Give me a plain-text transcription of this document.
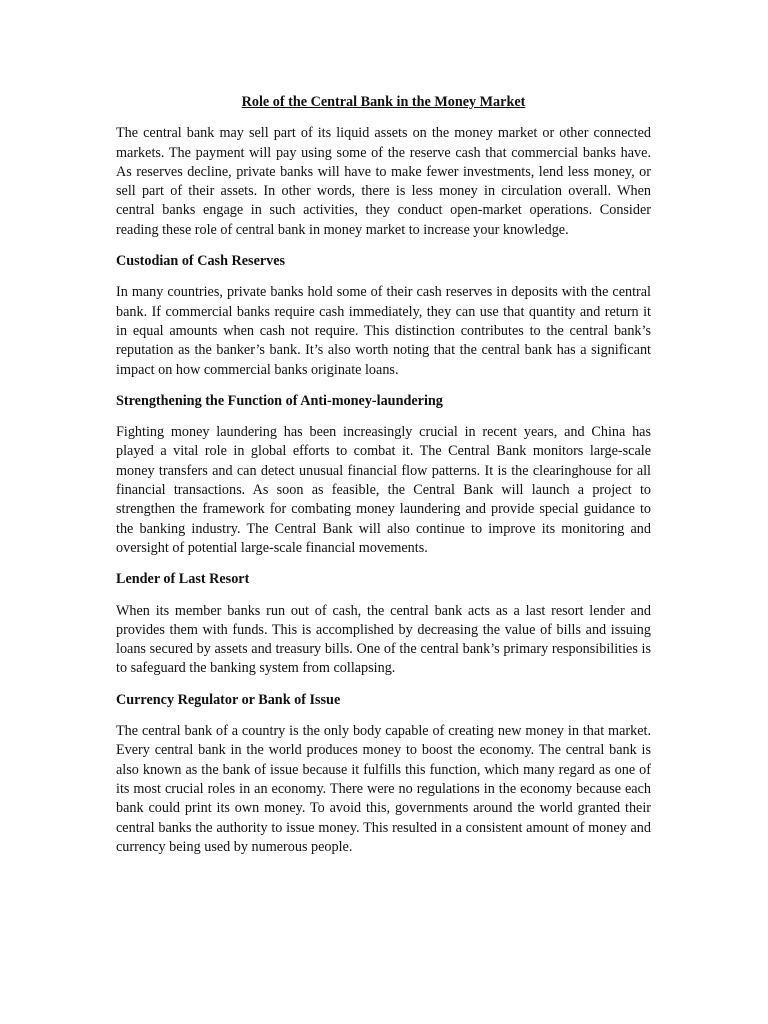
Role of the Central Bank in the Money Market
The central bank may sell part of its liquid assets on the money market or other connected markets. The payment will pay using some of the reserve cash that commercial banks have. As reserves decline, private banks will have to make fewer investments, lend less money, or sell part of their assets. In other words, there is less money in circulation overall. When central banks engage in such activities, they conduct open-market operations. Consider reading these role of central bank in money market to increase your knowledge.
Custodian of Cash Reserves
In many countries, private banks hold some of their cash reserves in deposits with the central bank. If commercial banks require cash immediately, they can use that quantity and return it in equal amounts when cash not require. This distinction contributes to the central bank’s reputation as the banker’s bank. It’s also worth noting that the central bank has a significant impact on how commercial banks originate loans.
Strengthening the Function of Anti-money-laundering
Fighting money laundering has been increasingly crucial in recent years, and China has played a vital role in global efforts to combat it. The Central Bank monitors large-scale money transfers and can detect unusual financial flow patterns. It is the clearinghouse for all financial transactions. As soon as feasible, the Central Bank will launch a project to strengthen the framework for combating money laundering and provide special guidance to the banking industry. The Central Bank will also continue to improve its monitoring and oversight of potential large-scale financial movements.
Lender of Last Resort
When its member banks run out of cash, the central bank acts as a last resort lender and provides them with funds. This is accomplished by decreasing the value of bills and issuing loans secured by assets and treasury bills. One of the central bank’s primary responsibilities is to safeguard the banking system from collapsing.
Currency Regulator or Bank of Issue
The central bank of a country is the only body capable of creating new money in that market. Every central bank in the world produces money to boost the economy. The central bank is also known as the bank of issue because it fulfills this function, which many regard as one of its most crucial roles in an economy. There were no regulations in the economy because each bank could print its own money. To avoid this, governments around the world granted their central banks the authority to issue money. This resulted in a consistent amount of money and currency being used by numerous people.
